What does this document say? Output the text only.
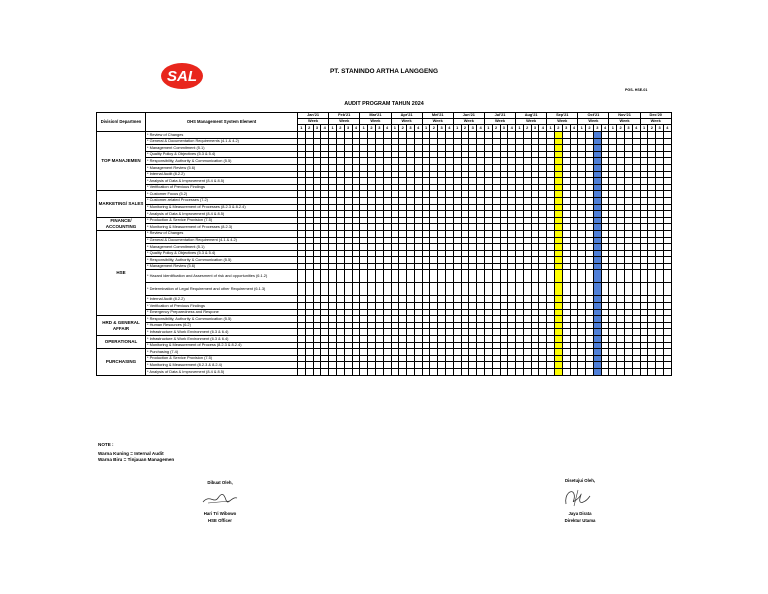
SAL	PT. STANINDO ARTHA LANGGENG
PGS- HSE-01
AUDIT PROGRAM TAHUN 2024
Division/ Departmen	OHS Management System Element	Jan'21				Feb'21				Mar'21				Apr'21				Mei'21				Jun'21				Jul'21				Aug'21				Sep'21				Oct'21				Nov'21				Dec'20			
		Week				Week				Week				Week				Week				Week				Week				Week				Week				Week				Week				Week			
		1	2	3	4	1	2	3	4	1	2	3	4	1	2	3	4	1	2	3	4	1	2	3	4	1	2	3	4	1	2	3	4	1	2	3	4	1	2	3	4	1	2	3	4	1	2	3	4
TOP MANAJEMEN	* Review of Changes																																																
	* General & Documentation Requirements (4.1 & 4.2)																																																
	* Management Commitment (5.1)																																																
	* Quality Policy & Objectives (5.3 & 5.4)																																																
	* Responsibility, Authority & Communication (5.5)																																																
	* Management Review (5.6)																																																
	* Internal Audit (8.2.2)																																																
	* Analysis of Data & Improvement (8.4 & 8.5)																																																
	* Verification of Previous Findings																																																
MARKETING/ SALES	* Customer Focus (5.2)																																																
	* Customer-related Processes (7.2)																																																
	* Monitoring & Measurement of Processes (8.2.3 & 8.2.4)																																																
	* Analysis of Data & Improvement (8.4 & 8.5)																																																
FINANCE/ ACCOUNTING	* Production & Service Provision (7.5)																																																
	* Monitoring & Measurement of Processes (8.2.3)																																																
HSE	* Review of Changes																																																
	* General & Documentation Requirement (4.1 & 4.2)																																																
	* Management Commitment (5.1)																																																
	* Quality Policy & Objectives (5.3 & 5.4)																																																
	* Responsibility, Authority & Communication (5.5)																																																
	* Management Review (5.6)																																																
	* Hazard identification and Assesment of risk and opportunities (6.1.2)																																																
	* Determination of Legal Requirement and other Requirement (6.1.3)																																																
	* Internal Audit (8.2.2)																																																
	* Verification of Previous Findings																																																
	* Emergency Preparedness and Respone																																																
HRD & GENERAL AFFAIR	* Responsibility, Authority & Communication (5.5)																																																
	* Human Resources (6.2)																																																
	* Infrastructure & Work Environment (6.3 & 6.4)																																																
OPERATIONAL	* Infrastructure & Work Environment (6.3 & 6.4)																																																
	* Monitoring & Measurement of Process (8.2.3 & 8.2.4)																																																
PURCHASING	* Purchasing (7.4)																																																
	* Production & Service Provision (7.5)																																																
	* Monitoring & Measurement (8.2.3 & 8.2.4)																																																
	* Analysis of Data & Improvement (8.4 & 8.5)																																																
NOTE :
Warna Kuning = Internal Audit
Warna Biru = Tinjauan Managemen
Dibuat Oleh,
Hari Tri Wibowo
HSE Officer
Disetujui Oleh,
Jaya Dirata
Direktur Utama
